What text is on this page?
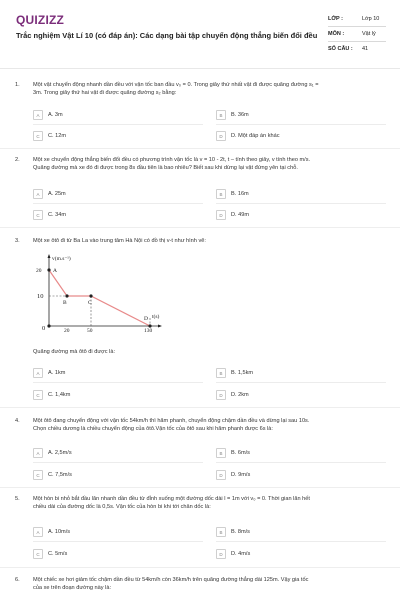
QUIZIZZ
Trắc nghiệm Vật Lí 10 (có đáp án): Các dạng bài tập chuyển động thẳng biến đổi đều
LỚP :	Lớp 10
MÔN :	Vật lý
SỐ CÂU : 41
1. Một vật chuyển động nhanh dần đều với vận tốc ban đầu v₀ = 0. Trong giây thứ nhất vật đi được quãng đường s₁ =
3m. Trong giây thứ hai vật đi được quãng đường s₂ bằng:
A	A. 3m	B	B. 36m
C	C. 12m	D	D. Một đáp án khác
2. Một xe chuyển động thẳng biến đổi đều có phương trình vận tốc là v = 10 - 2t, t – tính theo giây, v tính theo m/s.
Quãng đường mà xe đó đi được trong 8s đầu tiên là bao nhiêu? Biết sau khi dừng lại vật đứng yên tại chỗ.
A	A. 25m	B	B. 16m
C	C. 34m	D	D. 49m
3. Một xe ôtô đi từ Ba La vào trung tâm Hà Nội có đồ thị v-t như hình vẽ:
v(m.s⁻¹)
t(s)
20
10
0	20	50	130
A
B	C
D
Quãng đường mà ôtô đi được là:
A	A. 1km	B	B. 1,5km
C	C. 1,4km	D	D. 2km
4. Một ôtô đang chuyển động với vận tốc 54km/h thì hãm phanh, chuyển động chậm dần đều và dừng lại sau 10s.
Chọn chiều dương là chiều chuyển động của ôtô.Vận tốc của ôtô sau khi hãm phanh được 6s là:
A	A. 2,5m/s	B	B. 6m/s
C	C. 7,5m/s	D	D. 9m/s
5. Một hòn bi nhỏ bắt đầu lăn nhanh dần đều từ đỉnh xuống một đường dốc dài l = 1m với v₀ = 0. Thời gian lăn hết
chiều dài của đường dốc là 0,5s. Vận tốc của hòn bi khi tới chân dốc là:
A	A. 10m/s	B	B. 8m/s
C	C. 5m/s	D	D. 4m/s
6. Một chiếc xe hơi giảm tốc chậm dần đều từ 54km/h còn 36km/h trên quãng đường thẳng dài 125m. Vậy gia tốc
của xe trên đoạn đường này là:
